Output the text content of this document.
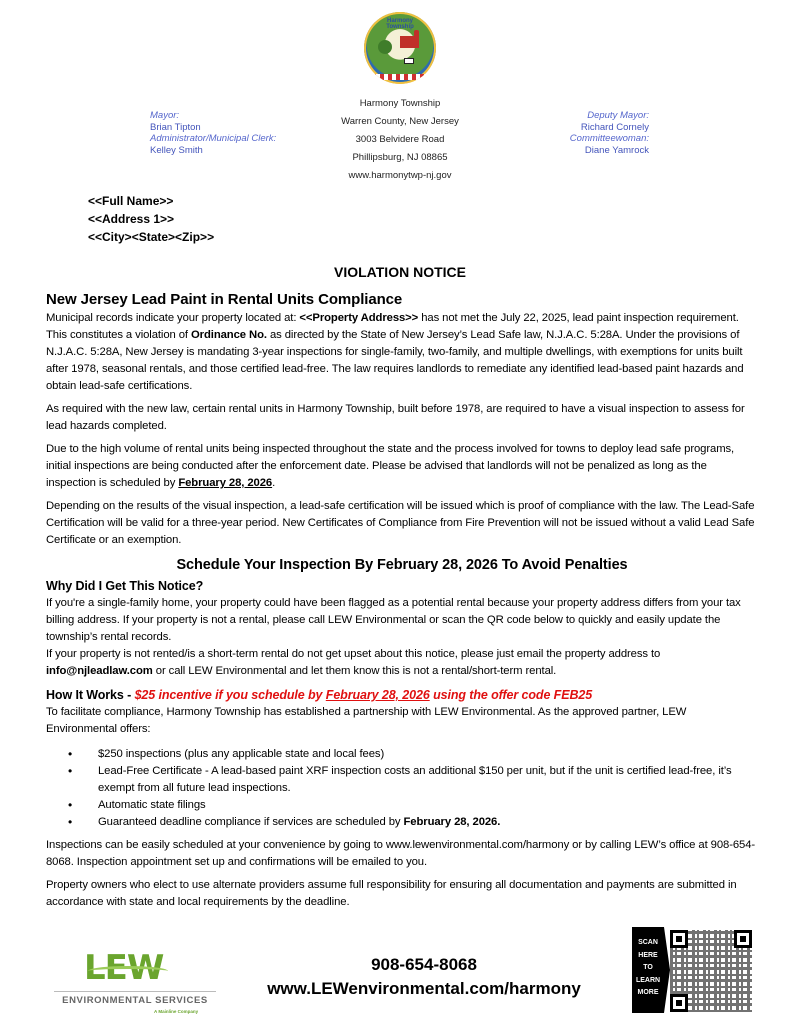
Harmony Township
Mayor:
Brian Tipton
Administrator/Municipal Clerk:
Kelley Smith
Harmony Township
Warren County, New Jersey
3003 Belvidere Road
Phillipsburg, NJ 08865
www.harmonytwp-nj.gov
Deputy Mayor:
Richard Cornely
Committeewoman:
Diane Yamrock
<<Full Name>>
<<Address 1>>
<<City><State><Zip>>
VIOLATION NOTICE
New Jersey Lead Paint in Rental Units Compliance

Municipal records indicate your property located at: <<Property Address>> has not met the July 22, 2025, lead paint inspection requirement. This constitutes a violation of Ordinance No. as directed by the State of New Jersey’s Lead Safe law, N.J.A.C. 5:28A. Under the provisions of N.J.A.C. 5:28A, New Jersey is mandating 3-year inspections for single-family, two-family, and multiple dwellings, with exemptions for units built after 1978, seasonal rentals, and those certified lead-free. The law requires landlords to remediate any identified lead-based paint hazards and obtain lead-safe certifications.

As required with the new law, certain rental units in Harmony Township, built before 1978, are required to have a visual inspection to assess for lead hazards completed.

Due to the high volume of rental units being inspected throughout the state and the process involved for towns to deploy lead safe programs, initial inspections are being conducted after the enforcement date. Please be advised that landlords will not be penalized as long as the inspection is scheduled by February 28, 2026.

Depending on the results of the visual inspection, a lead-safe certification will be issued which is proof of compliance with the law. The Lead-Safe Certification will be valid for a three-year period. New Certificates of Compliance from Fire Prevention will not be issued without a valid Lead Safe Certificate or an exemption.

Schedule Your Inspection By February 28, 2026 To Avoid Penalties
Why Did I Get This Notice?

If you're a single-family home, your property could have been flagged as a potential rental because your property address differs from your tax billing address. If your property is not a rental, please call LEW Environmental or scan the QR code below to quickly and easily update the township’s rental records.

If your property is not rented/is a short-term rental do not get upset about this notice, please just email the property address to info@njleadlaw.com or call LEW Environmental and let them know this is not a rental/short-term rental.

How It Works - $25 incentive if you schedule by February 28, 2026 using the offer code FEB25

To facilitate compliance, Harmony Township has established a partnership with LEW Environmental. As the approved partner, LEW Environmental offers:

• $250 inspections (plus any applicable state and local fees)
• Lead-Free Certificate - A lead-based paint XRF inspection costs an additional $150 per unit, but if the unit is certified lead-free, it’s exempt from all future lead inspections.
• Automatic state filings
• Guaranteed deadline compliance if services are scheduled by February 28, 2026.

Inspections can be easily scheduled at your convenience by going to www.lewenvironmental.com/harmony or by calling LEW’s office at 908-654-8068. Inspection appointment set up and confirmations will be emailed to you.

Property owners who elect to use alternate providers assume full responsibility for ensuring all documentation and payments are submitted in accordance with state and local requirements by the deadline.

LEW
ENVIRONMENTAL SERVICES
A Mainline Company
908-654-8068
www.LEWenvironmental.com/harmony
SCAN
HERE
TO
LEARN
MORE
